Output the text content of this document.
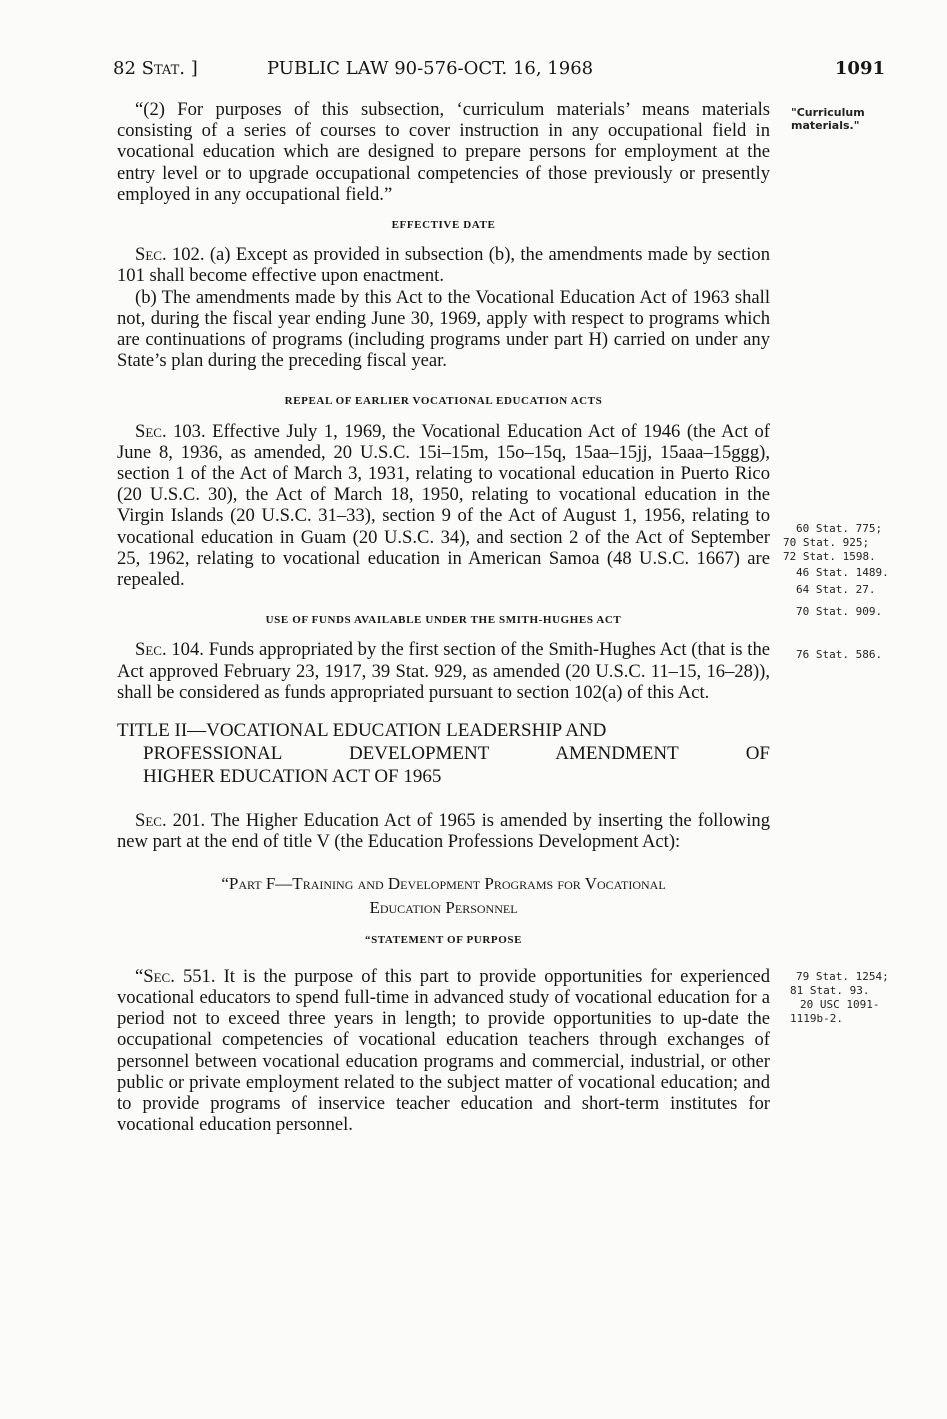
82 Stat. ]	PUBLIC LAW 90-576-OCT. 16, 1968	1091
"Curriculum materials."
60 Stat. 775;
70 Stat. 925;
72 Stat. 1598.
46 Stat. 1489.
64 Stat. 27.
70 Stat. 909.
76 Stat. 586.
79 Stat. 1254;
81 Stat. 93.
20 USC 1091-
1119b-2.

“(2) For purposes of this subsection, ‘curriculum materials’ means materials consisting of a series of courses to cover instruction in any occupational field in vocational education which are designed to prepare persons for employment at the entry level or to upgrade occupational competencies of those previously or presently employed in any occupational field.”

EFFECTIVE DATE

Sec. 102. (a) Except as provided in subsection (b), the amendments made by section 101 shall become effective upon enactment.

(b) The amendments made by this Act to the Vocational Education Act of 1963 shall not, during the fiscal year ending June 30, 1969, apply with respect to programs which are continuations of programs (including programs under part H) carried on under any State’s plan during the preceding fiscal year.

REPEAL OF EARLIER VOCATIONAL EDUCATION ACTS

Sec. 103. Effective July 1, 1969, the Vocational Education Act of 1946 (the Act of June 8, 1936, as amended, 20 U.S.C. 15i–15m, 15o–15q, 15aa–15jj, 15aaa–15ggg), section 1 of the Act of March 3, 1931, relating to vocational education in Puerto Rico (20 U.S.C. 30), the Act of March 18, 1950, relating to vocational education in the Virgin Islands (20 U.S.C. 31–33), section 9 of the Act of August 1, 1956, relating to vocational education in Guam (20 U.S.C. 34), and section 2 of the Act of September 25, 1962, relating to vocational education in American Samoa (48 U.S.C. 1667) are repealed.

USE OF FUNDS AVAILABLE UNDER THE SMITH-HUGHES ACT

Sec. 104. Funds appropriated by the first section of the Smith-Hughes Act (that is the Act approved February 23, 1917, 39 Stat. 929, as amended (20 U.S.C. 11–15, 16–28)), shall be considered as funds appropriated pursuant to section 102(a) of this Act.

TITLE II—VOCATIONAL EDUCATION LEADERSHIP AND
PROFESSIONAL DEVELOPMENT AMENDMENT OF
HIGHER EDUCATION ACT OF 1965

Sec. 201. The Higher Education Act of 1965 is amended by inserting the following new part at the end of title V (the Education Professions Development Act):

“Part F—Training and Development Programs for Vocational
Education Personnel
“STATEMENT OF PURPOSE

“Sec. 551. It is the purpose of this part to provide opportunities for experienced vocational educators to spend full-time in advanced study of vocational education for a period not to exceed three years in length; to provide opportunities to up-date the occupational competencies of vocational education teachers through exchanges of personnel between vocational education programs and commercial, industrial, or other public or private employment related to the subject matter of vocational education; and to provide programs of inservice teacher education and short-term institutes for vocational education personnel.
